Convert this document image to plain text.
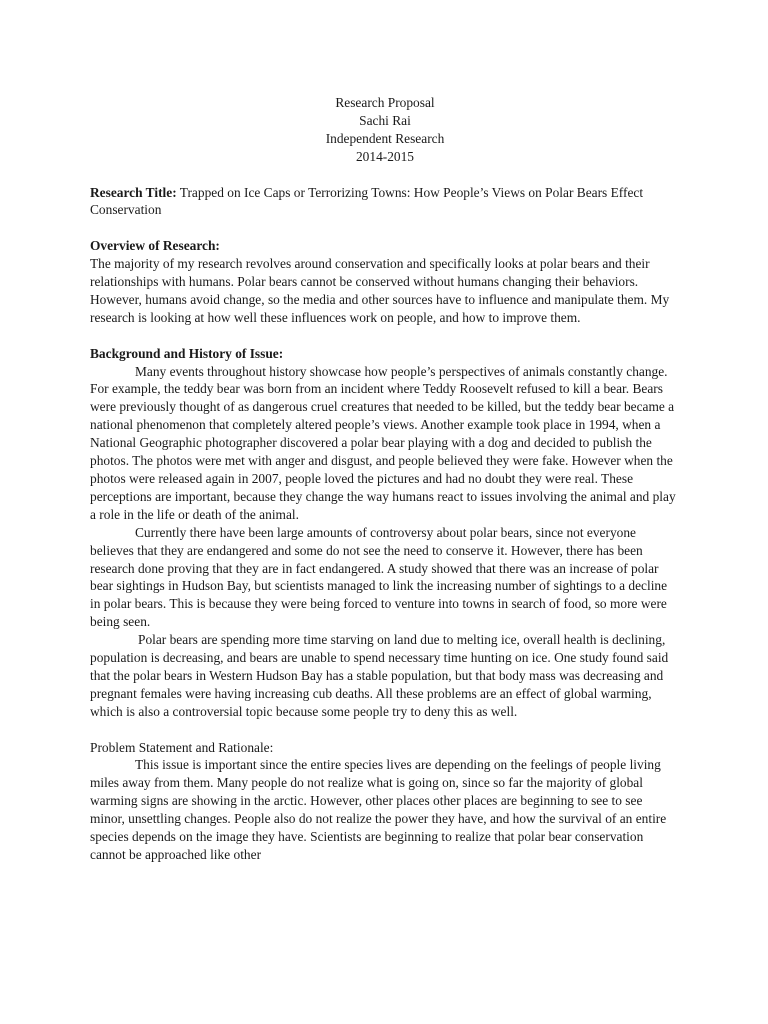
Research Proposal
Sachi Rai
Independent Research
2014-2015

Research Title: Trapped on Ice Caps or Terrorizing Towns: How People’s Views on Polar Bears Effect Conservation

Overview of Research:

The majority of my research revolves around conservation and specifically looks at polar bears and their relationships with humans. Polar bears cannot be conserved without humans changing their behaviors. However, humans avoid change, so the media and other sources have to influence and manipulate them. My research is looking at how well these influences work on people, and how to improve them.

Background and History of Issue:

Many events throughout history showcase how people’s perspectives of animals constantly change. For example, the teddy bear was born from an incident where Teddy Roosevelt refused to kill a bear. Bears were previously thought of as dangerous cruel creatures that needed to be killed, but the teddy bear became a national phenomenon that completely altered people’s views. Another example took place in 1994, when a National Geographic photographer discovered a polar bear playing with a dog and decided to publish the photos. The photos were met with anger and disgust, and people believed they were fake. However when the photos were released again in 2007, people loved the pictures and had no doubt they were real. These perceptions are important, because they change the way humans react to issues involving the animal and play a role in the life or death of the animal.

Currently there have been large amounts of controversy about polar bears, since not everyone believes that they are endangered and some do not see the need to conserve it. However, there has been research done proving that they are in fact endangered. A study showed that there was an increase of polar bear sightings in Hudson Bay, but scientists managed to link the increasing number of sightings to a decline in polar bears. This is because they were being forced to venture into towns in search of food, so more were being seen.

Polar bears are spending more time starving on land due to melting ice, overall health is declining, population is decreasing, and bears are unable to spend necessary time hunting on ice. One study found said that the polar bears in Western Hudson Bay has a stable population, but that body mass was decreasing and pregnant females were having increasing cub deaths. All these problems are an effect of global warming, which is also a controversial topic because some people try to deny this as well.

Problem Statement and Rationale:

This issue is important since the entire species lives are depending on the feelings of people living miles away from them. Many people do not realize what is going on, since so far the majority of global warming signs are showing in the arctic. However, other places other places are beginning to see to see minor, unsettling changes. People also do not realize the power they have, and how the survival of an entire species depends on the image they have. Scientists are beginning to realize that polar bear conservation cannot be approached like other
